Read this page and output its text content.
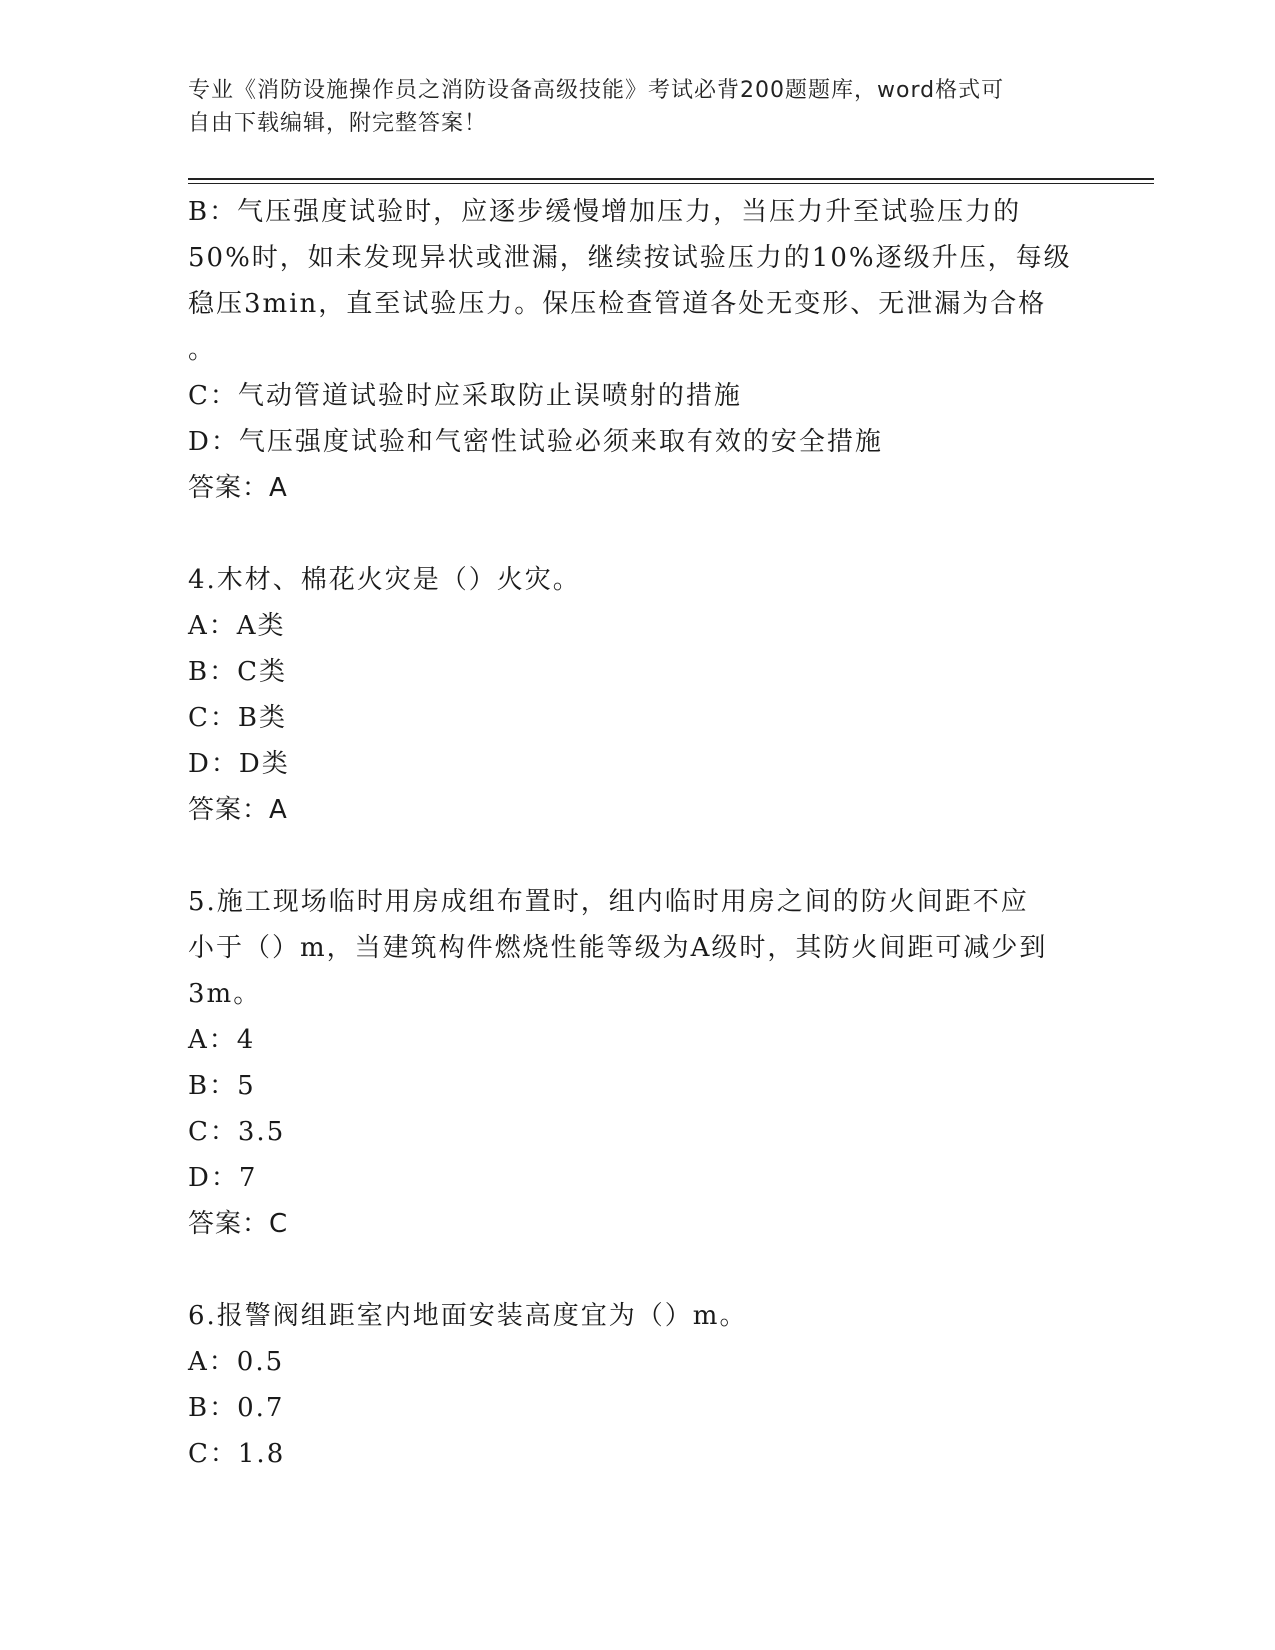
专业《消防设施操作员之消防设备高级技能》考试必背200题题库，word格式可
自由下载编辑，附完整答案！
B：气压强度试验时，应逐步缓慢增加压力，当压力升至试验压力的
50%时，如未发现异状或泄漏，继续按试验压力的10%逐级升压，每级
稳压3min，直至试验压力。保压检查管道各处无变形、无泄漏为合格
。
C：气动管道试验时应采取防止误喷射的措施
D：气压强度试验和气密性试验必须来取有效的安全措施
答案：A
4.木材、棉花火灾是（）火灾。
A：A类
B：C类
C：B类
D：D类
答案：A
5.施工现场临时用房成组布置时，组内临时用房之间的防火间距不应
小于（）m，当建筑构件燃烧性能等级为A级时，其防火间距可减少到
3m。
A：4
B：5
C：3.5
D：7
答案：C
6.报警阀组距室内地面安装高度宜为（）m。
A：0.5
B：0.7
C：1.8
